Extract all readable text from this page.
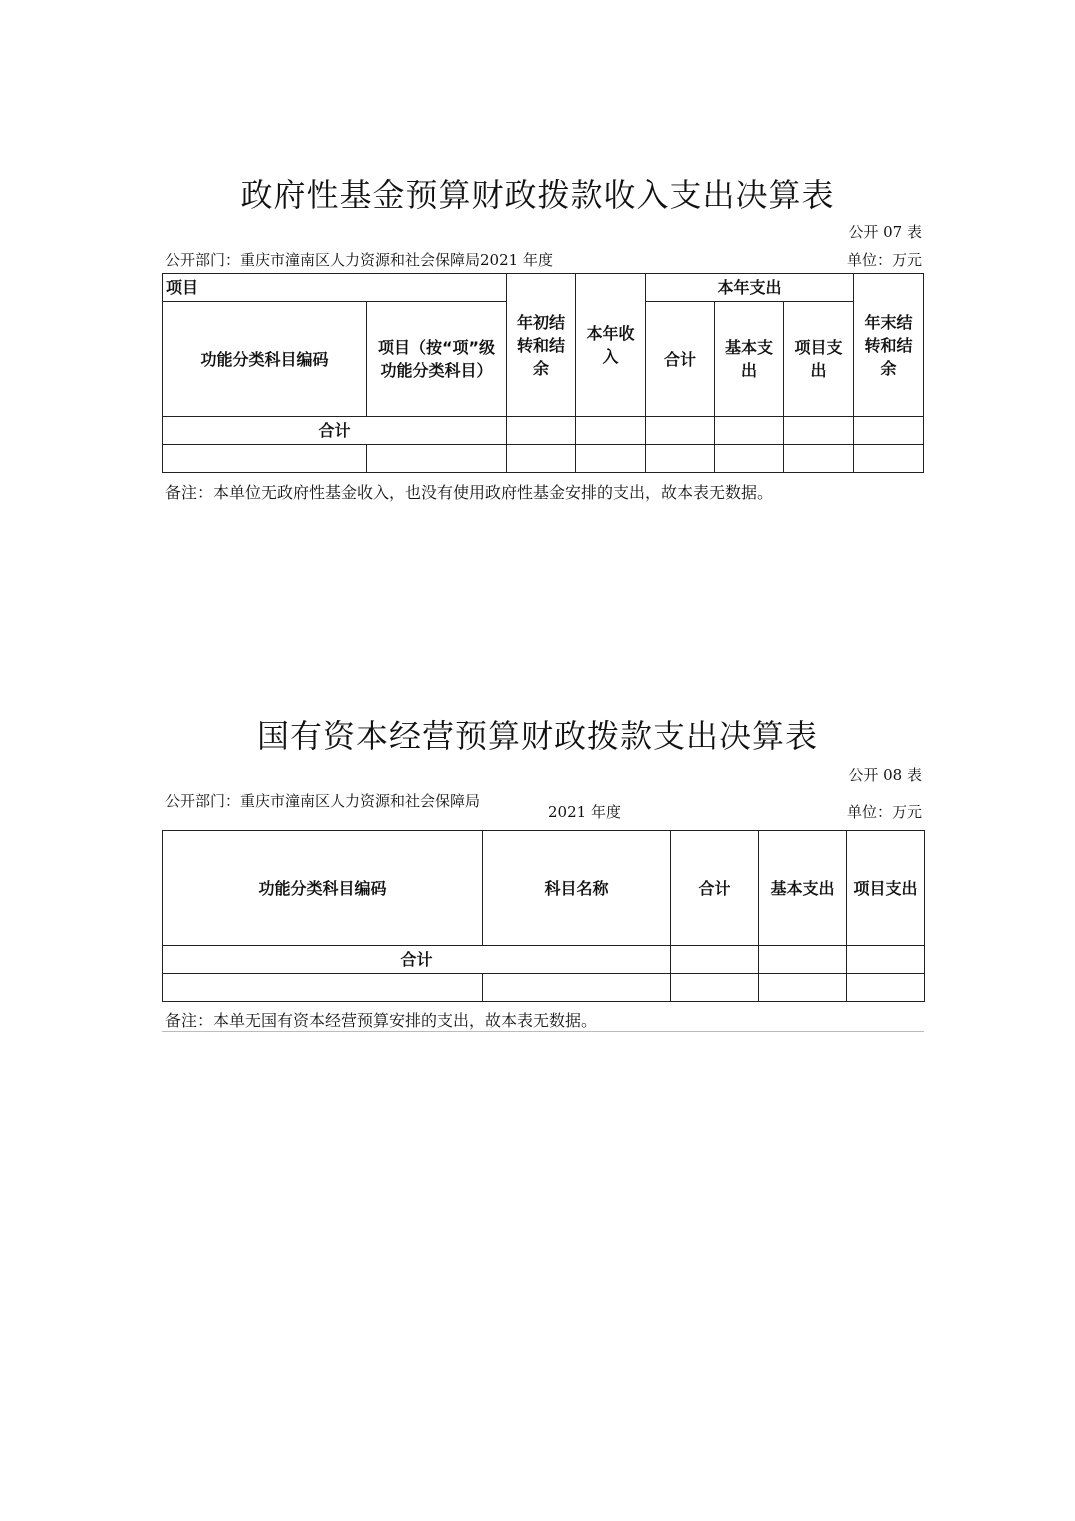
政府性基金预算财政拨款收入支出决算表
公开 07 表
公开部门：重庆市潼南区人力资源和社会保障局2021 年度	单位：万元
项目		年初结转和结余	本年收入	本年支出			年末结转和结余

功能分类科目编码	项目（按“项”级功能分类科目）			合计	基本支出	项目支出	

合计							

备注：本单位无政府性基金收入，也没有使用政府性基金安排的支出，故本表无数据。
国有资本经营预算财政拨款支出决算表
公开 08 表
公开部门：重庆市潼南区人力资源和社会保障局
2021 年度	单位：万元
功能分类科目编码	科目名称	合计	基本支出	项目支出
合计				

备注：本单无国有资本经营预算安排的支出，故本表无数据。
